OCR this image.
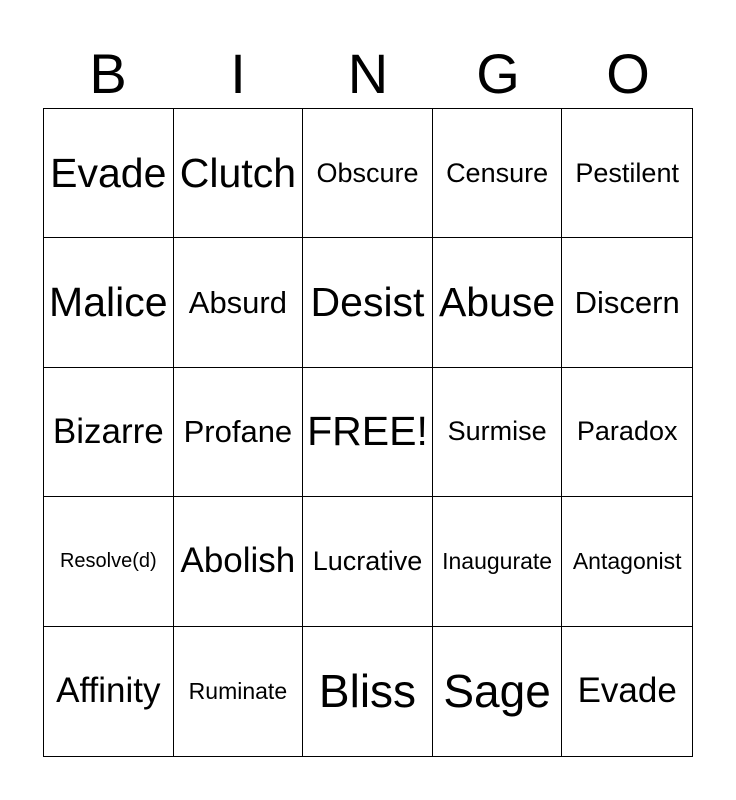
B	I	N	G	O
Evade Clutch Obscure	Censure	Pestilent
Malice Absurd Desist Abuse Discern
Bizarre Profane FREE! Surmise	Paradox
Resolve(d) Abolish Lucrative Inaugurate Antagonist
Affinity	Ruminate Bliss Sage Evade
